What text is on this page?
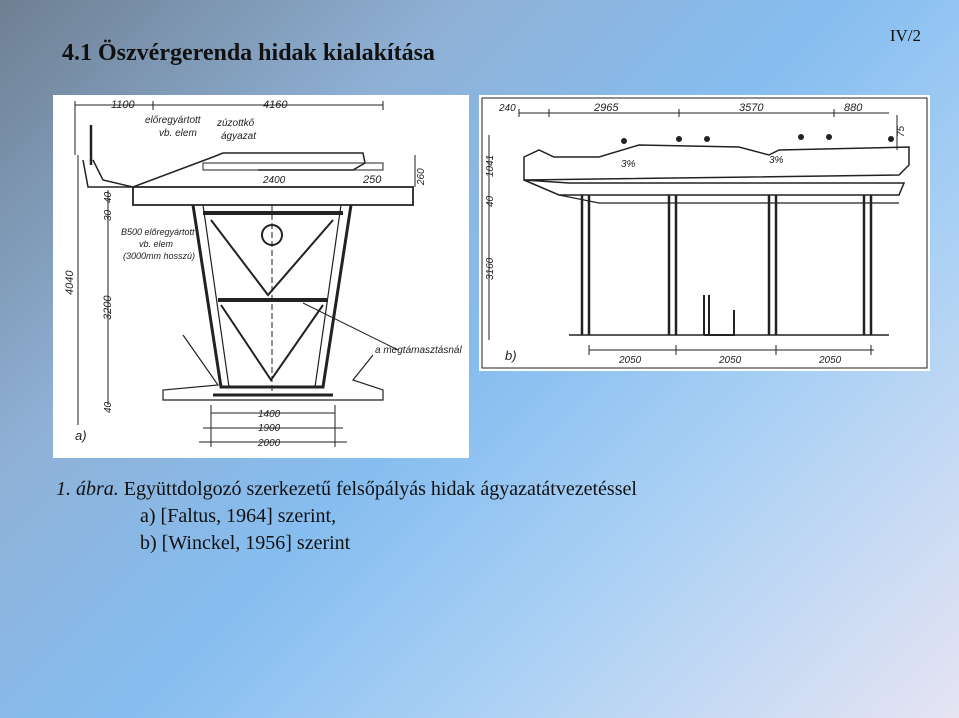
4.1 Öszvérgerenda hidak kialakítása
IV/2
1100	4160
előregyártott
vb. elem
zúzottkő
ágyazat
2400	250	260
30
40
B500 előregyártott
vb. elem
(3000mm hosszú)
4040
3200
40
a megtámasztásnál
1400
1900
2000
a)
240	2965	3570	880
75
1041
40
3160
3%	3%
2050	2050	2050
b)
1. ábra. Együttdolgozó szerkezetű felsőpályás hidak ágyazatátvezetéssel
a) [Faltus, 1964] szerint,
b) [Winckel, 1956] szerint
